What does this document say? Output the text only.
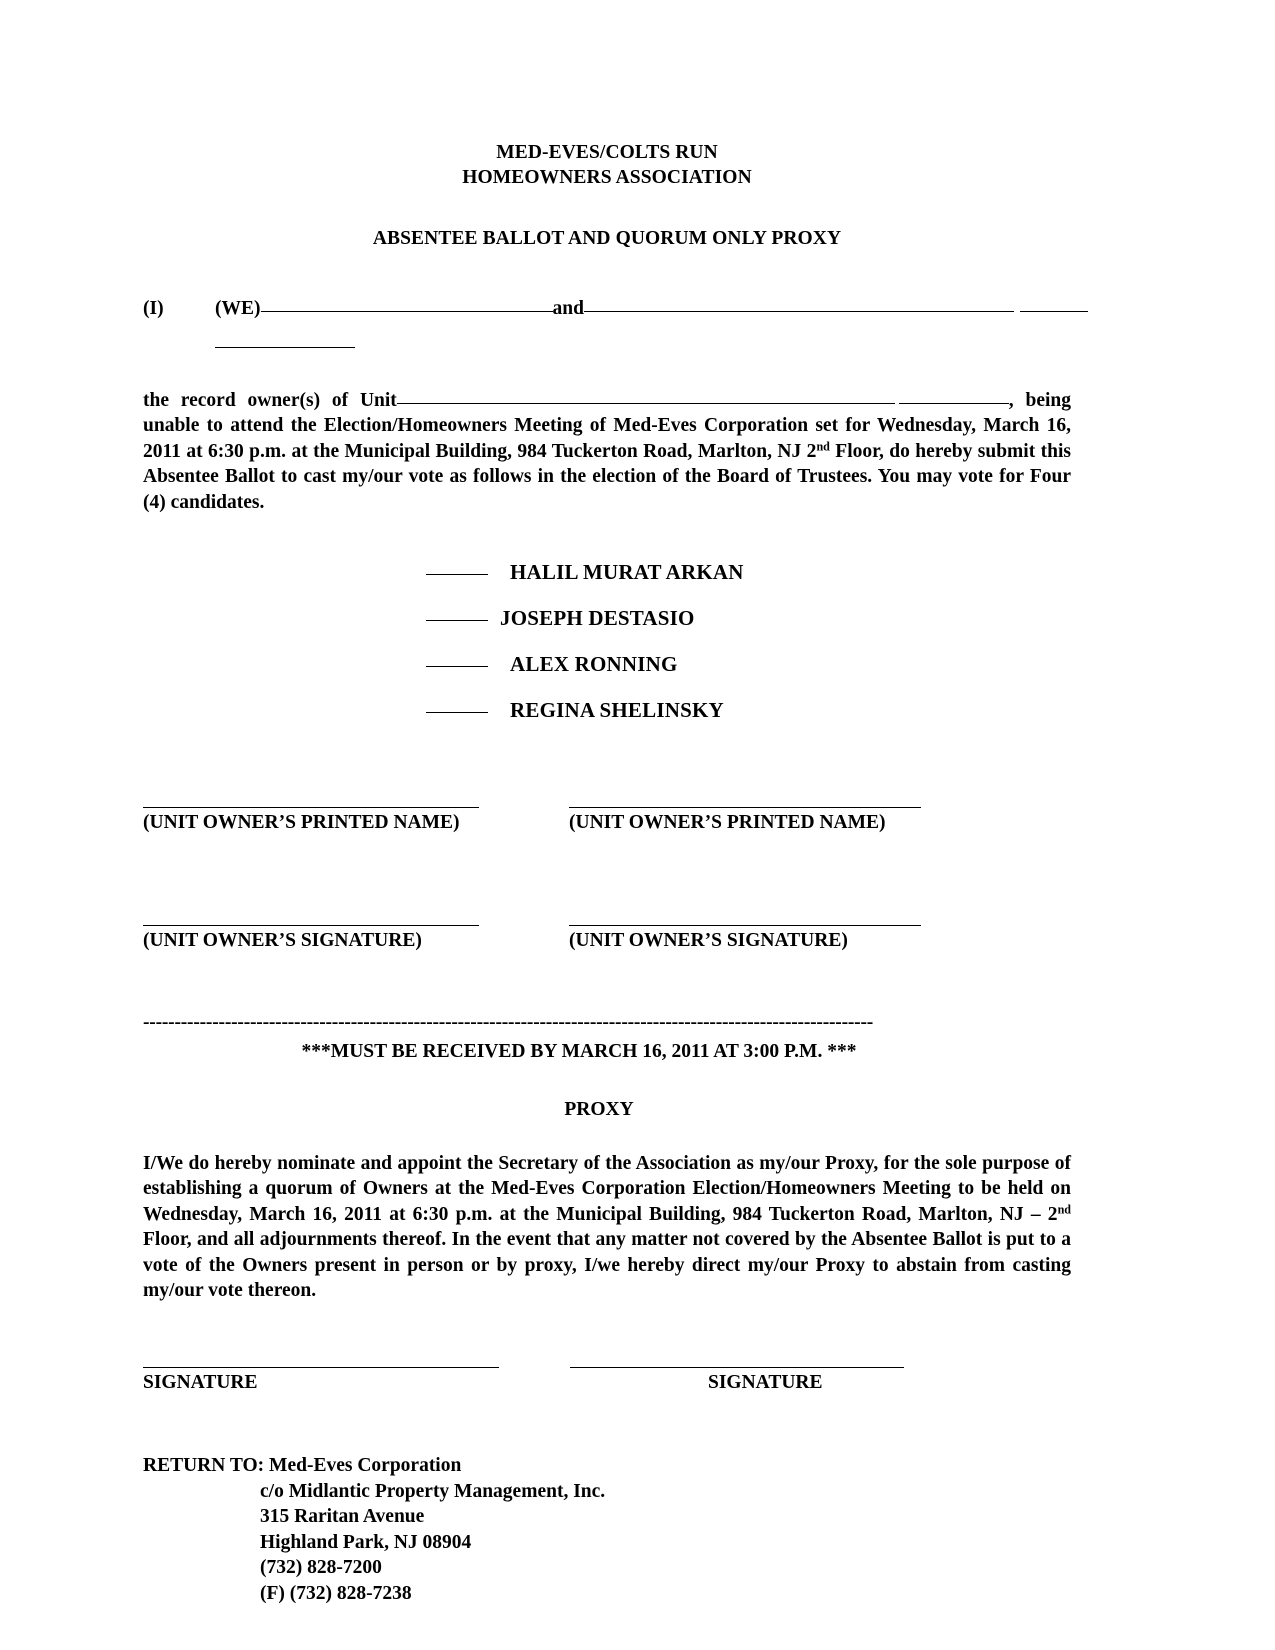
MED-EVES/COLTS RUN
HOMEOWNERS ASSOCIATION
ABSENTEE BALLOT AND QUORUM ONLY PROXY
(I)	(WE)	and
the record owner(s) of Unit	, being unable to attend the Election/Homeowners Meeting of Med-Eves Corporation set for Wednesday, March 16, 2011 at 6:30 p.m. at the Municipal Building, 984 Tuckerton Road, Marlton, NJ 2nd Floor, do hereby submit this Absentee Ballot to cast my/our vote as follows in the election of the Board of Trustees. You may vote for Four (4) candidates.
HALIL MURAT ARKAN
JOSEPH DESTASIO
ALEX RONNING
REGINA SHELINSKY
(UNIT OWNER’S PRINTED NAME)	(UNIT OWNER’S PRINTED NAME)
(UNIT OWNER’S SIGNATURE)	(UNIT OWNER’S SIGNATURE)
--------------------------------------------------------------------------------------------------------------------
***MUST BE RECEIVED BY MARCH 16, 2011 AT 3:00 P.M. ***
PROXY
I/We do hereby nominate and appoint the Secretary of the Association as my/our Proxy, for the sole purpose of establishing a quorum of Owners at the Med-Eves Corporation Election/Homeowners Meeting to be held on Wednesday, March 16, 2011 at 6:30 p.m. at the Municipal Building, 984 Tuckerton Road, Marlton, NJ – 2nd Floor, and all adjournments thereof. In the event that any matter not covered by the Absentee Ballot is put to a vote of the Owners present in person or by proxy, I/we hereby direct my/our Proxy to abstain from casting my/our vote thereon.
SIGNATURE	SIGNATURE
RETURN TO: Med-Eves Corporation
c/o Midlantic Property Management, Inc.
315 Raritan Avenue
Highland Park, NJ 08904
(732) 828-7200
(F) (732) 828-7238
